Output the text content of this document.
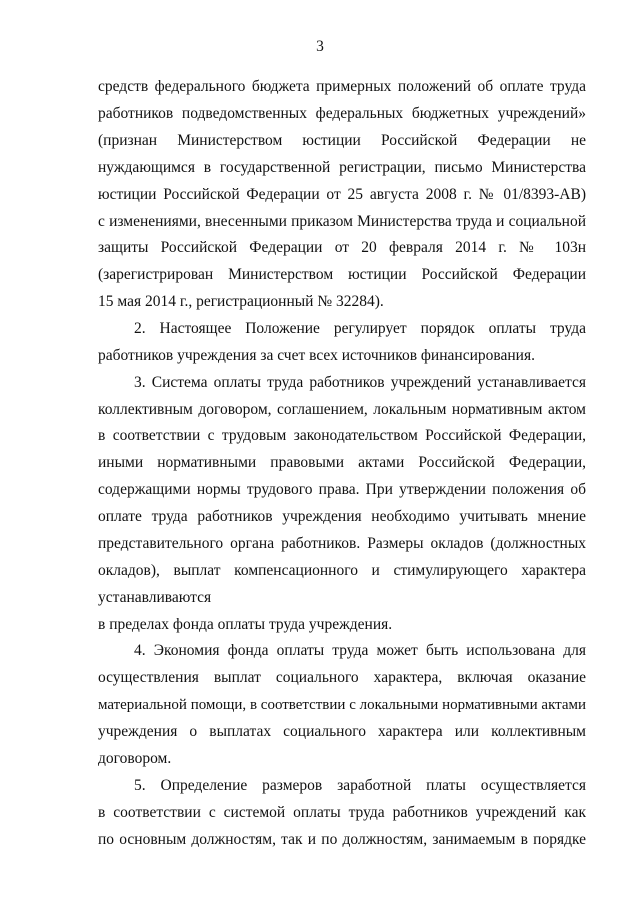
3
средств федерального бюджета примерных положений об оплате труда
работников подведомственных федеральных бюджетных учреждений»
(признан Министерством юстиции Российской Федерации не
нуждающимся в государственной регистрации, письмо Министерства
юстиции Российской Федерации от 25 августа 2008 г. № 01/8393-АВ)
с изменениями, внесенными приказом Министерства труда и социальной
защиты Российской Федерации от 20 февраля 2014 г. № 103н
(зарегистрирован Министерством юстиции Российской Федерации
15 мая 2014 г., регистрационный № 32284).
2. Настоящее Положение регулирует порядок оплаты труда
работников учреждения за счет всех источников финансирования.
3. Система оплаты труда работников учреждений устанавливается
коллективным договором, соглашением, локальным нормативным актом
в соответствии с трудовым законодательством Российской Федерации,
иными нормативными правовыми актами Российской Федерации,
содержащими нормы трудового права. При утверждении положения об
оплате труда работников учреждения необходимо учитывать мнение
представительного органа работников. Размеры окладов (должностных
окладов), выплат компенсационного и стимулирующего характера
устанавливаются
в пределах фонда оплаты труда учреждения.
4. Экономия фонда оплаты труда может быть использована для
осуществления выплат социального характера, включая оказание
материальной помощи, в соответствии с локальными нормативными актами
учреждения о выплатах социального характера или коллективным
договором.
5. Определение размеров заработной платы осуществляется
в соответствии с системой оплаты труда работников учреждений как
по основным должностям, так и по должностям, занимаемым в порядке
